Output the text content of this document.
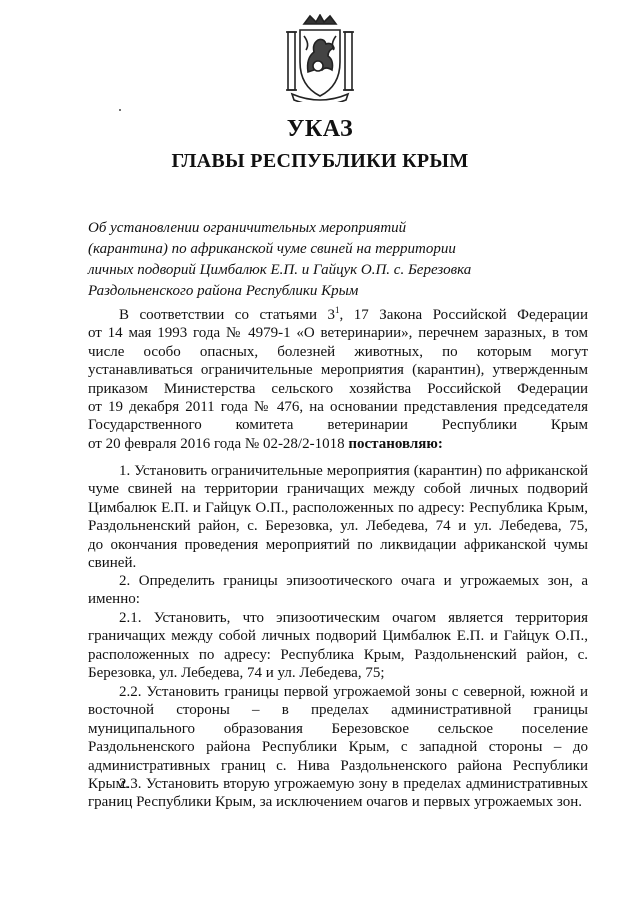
УКАЗ
ГЛАВЫ РЕСПУБЛИКИ КРЫМ
Об установлении ограничительных мероприятий
(карантина) по африканской чуме свиней на территории
личных подворий Цимбалюк Е.П. и Гайцук О.П. с. Березовка
Раздольненского района Республики Крым
В соответствии со статьями $3^1$, 17 Закона Российской Федерации
от 14 мая 1993 года № 4979-1 «О ветеринарии», перечнем заразных, в том
числе особо опасных, болезней животных, по которым могут
устанавливаться ограничительные мероприятия (карантин), утвержденным
приказом Министерства сельского хозяйства Российской Федерации
от 19 декабря 2011 года № 476, на основании представления председателя
Государственного комитета ветеринарии Республики Крым
от 20 февраля 2016 года № 02-28/2-1018 постановляю:
1. Установить ограничительные мероприятия (карантин) по африканской
чуме свиней на территории граничащих между собой личных подворий
Цимбалюк Е.П. и Гайцук О.П., расположенных по адресу: Республика Крым,
Раздольненский район, с. Березовка, ул. Лебедева, 74 и ул. Лебедева, 75,
до окончания проведения мероприятий по ликвидации африканской чумы
свиней.
2. Определить границы эпизоотического очага и угрожаемых зон, а
именно:
2.1. Установить, что эпизоотическим очагом является территория
граничащих между собой личных подворий Цимбалюк Е.П. и Гайцук О.П.,
расположенных по адресу: Республика Крым, Раздольненский район, с.
Березовка, ул. Лебедева, 74 и ул. Лебедева, 75;
2.2. Установить границы первой угрожаемой зоны с северной, южной и
восточной стороны – в пределах административной границы
муниципального образования Березовское сельское поселение
Раздольненского района Республики Крым, с западной стороны – до
административных границ с. Нива Раздольненского района Республики
Крым.
2.3. Установить вторую угрожаемую зону в пределах административных
границ Республики Крым, за исключением очагов и первых угрожаемых зон.
